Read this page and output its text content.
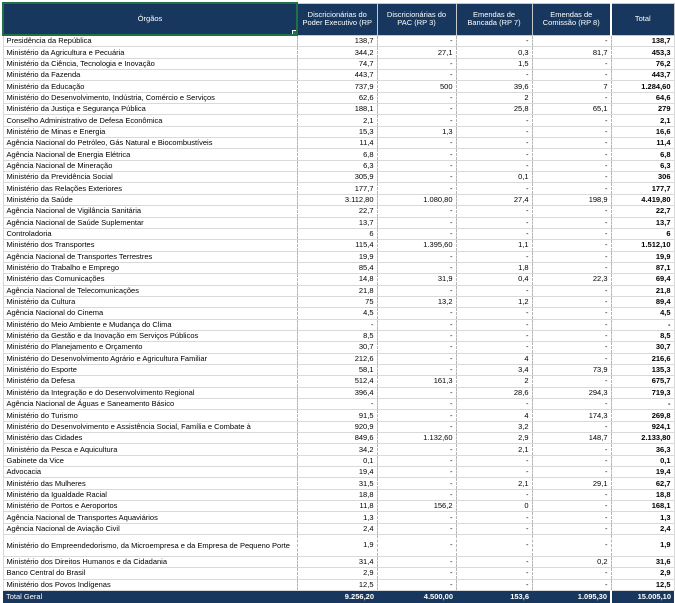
Órgãos	Discricionárias do Poder Executivo (RP	Discricionárias do PAC (RP 3)	Emendas de Bancada (RP 7)	Emendas de Comissão (RP 8)	Total
Presidência da República	138,7	-	-	-	138,7
Ministério da Agricultura e Pecuária	344,2	27,1	0,3	81,7	453,3
Ministério da Ciência, Tecnologia e Inovação	74,7	-	1,5	-	76,2
Ministério da Fazenda	443,7	-	-	-	443,7
Ministério da Educação	737,9	500	39,6	7	1.284,60
Ministério do Desenvolvimento, Indústria, Comércio e Serviços	62,6	-	2	-	64,6
Ministério da Justiça e Segurança Pública	188,1	-	25,8	65,1	279
Conselho Administrativo de Defesa Econômica	2,1	-	-	-	2,1
Ministério de Minas e Energia	15,3	1,3	-	-	16,6
Agência Nacional do Petróleo, Gás Natural e Biocombustíveis	11,4	-	-	-	11,4
Agência Nacional de Energia Elétrica	6,8	-	-	-	6,8
Agência Nacional de Mineração	6,3	-	-	-	6,3
Ministério da Previdência Social	305,9	-	0,1	-	306
Ministério das Relações Exteriores	177,7	-	-	-	177,7
Ministério da Saúde	3.112,80	1.080,80	27,4	198,9	4.419,80
Agência Nacional de Vigilância Sanitária	22,7	-	-	-	22,7
Agência Nacional de Saúde Suplementar	13,7	-	-	-	13,7
Controladoria	6	-	-	-	6
Ministério dos Transportes	115,4	1.395,60	1,1	-	1.512,10
Agência Nacional de Transportes Terrestres	19,9	-	-	-	19,9
Ministério do Trabalho e Emprego	85,4	-	1,8	-	87,1
Ministério das Comunicações	14,8	31,9	0,4	22,3	69,4
Agência Nacional de Telecomunicações	21,8	-	-	-	21,8
Ministério da Cultura	75	13,2	1,2	-	89,4
Agência Nacional do Cinema	4,5	-	-	-	4,5
Ministério do Meio Ambiente e Mudança do Clima	-	-	-	-	-
Ministério da Gestão e da Inovação em Serviços Públicos	8,5	-	-	-	8,5
Ministério do Planejamento e Orçamento	30,7	-	-	-	30,7
Ministério do Desenvolvimento Agrário e Agricultura Familiar	212,6	-	4	-	216,6
Ministério do Esporte	58,1	-	3,4	73,9	135,3
Ministério da Defesa	512,4	161,3	2	-	675,7
Ministério da Integração e do Desenvolvimento Regional	396,4	-	28,6	294,3	719,3
Agência Nacional de Águas e Saneamento Básico	-	-	-	-	-
Ministério do Turismo	91,5	-	4	174,3	269,8
Ministério do Desenvolvimento e Assistência Social, Família e Combate à	920,9	-	3,2	-	924,1
Ministério das Cidades	849,6	1.132,60	2,9	148,7	2.133,80
Ministério da Pesca e Aquicultura	34,2	-	2,1	-	36,3
Gabinete da Vice	0,1	-	-	-	0,1
Advocacia	19,4	-	-	-	19,4
Ministério das Mulheres	31,5	-	2,1	29,1	62,7
Ministério da Igualdade Racial	18,8	-	-	-	18,8
Ministério de Portos e Aeroportos	11,8	156,2	0	-	168,1
Agência Nacional de Transportes Aquaviários	1,3	-	-	-	1,3
Agência Nacional de Aviação Civil	2,4	-	-	-	2,4
Ministério do Empreendedorismo, da Microempresa e da Empresa de Pequeno Porte	1,9	-	-	-	1,9
Ministério dos Direitos Humanos e da Cidadania	31,4	-	-	0,2	31,6
Banco Central do Brasil	2,9	-	-	-	2,9
Ministério dos Povos Indígenas	12,5	-	-	-	12,5
Total Geral	9.256,20	4.500,00	153,6	1.095,30	15.005,10
